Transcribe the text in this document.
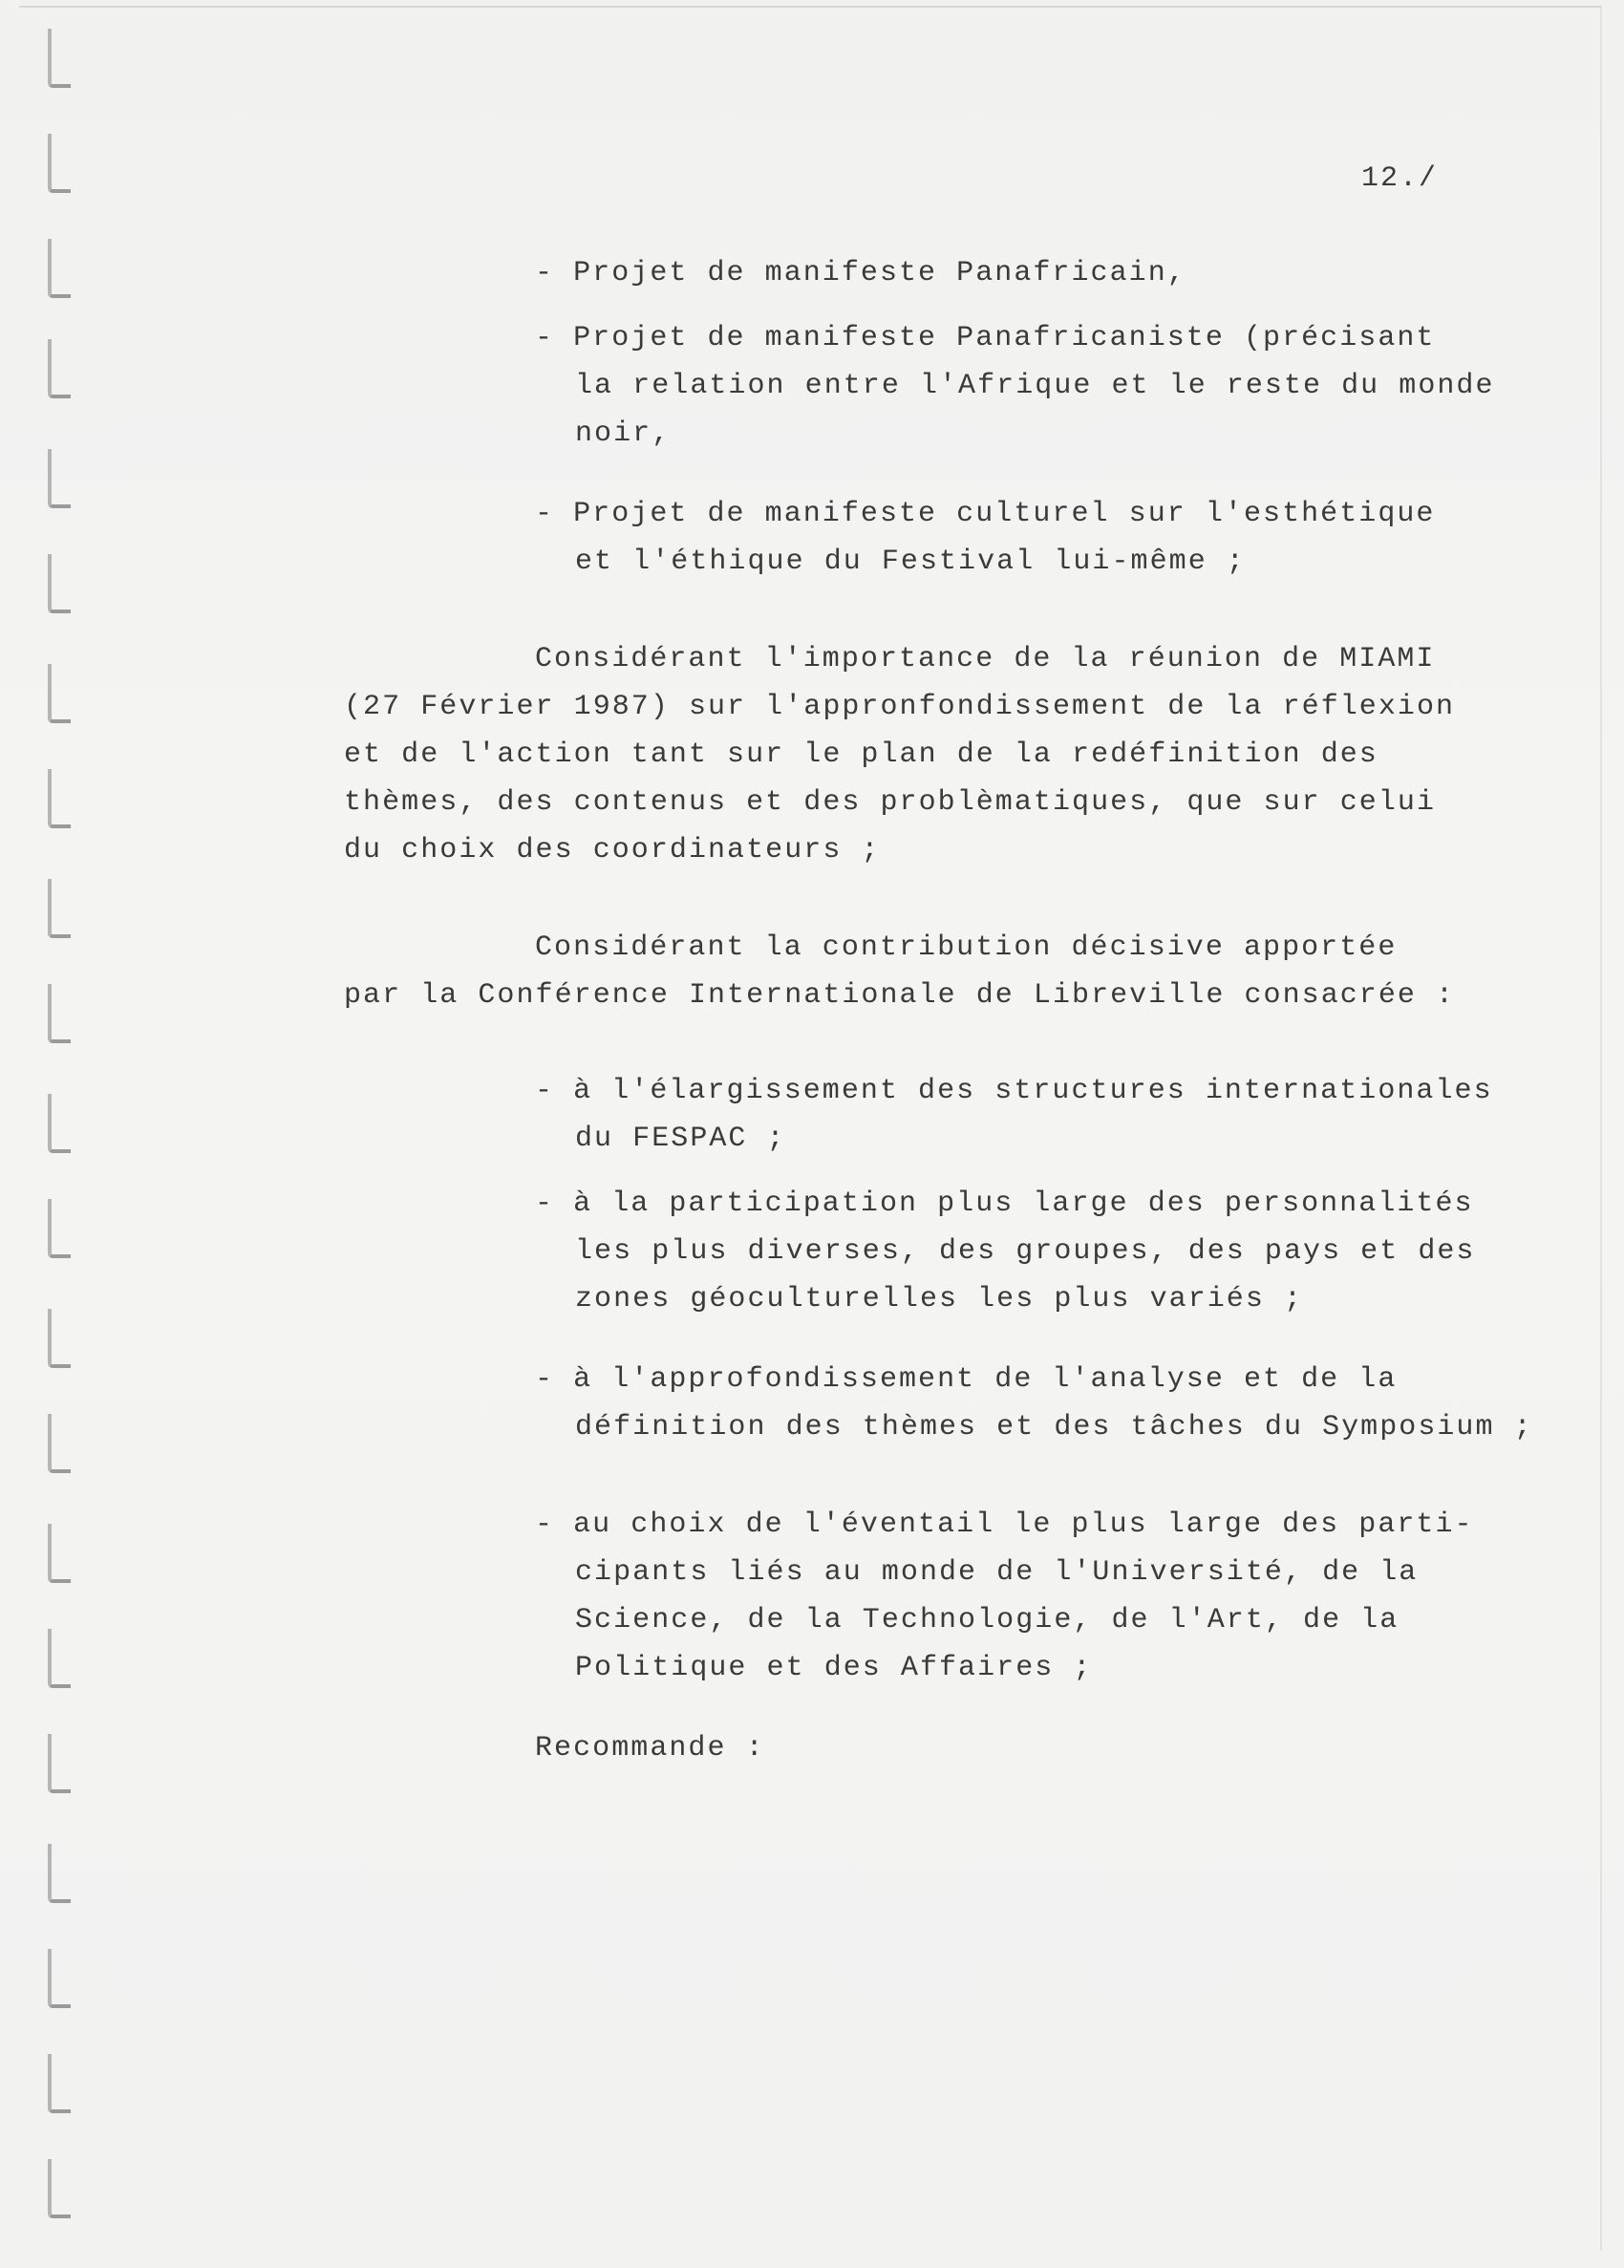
12./
- Projet de manifeste Panafricain,
- Projet de manifeste Panafricaniste (précisant
la relation entre l'Afrique et le reste du monde
noir,
- Projet de manifeste culturel sur l'esthétique
et l'éthique du Festival lui-même ;
Considérant l'importance de la réunion de MIAMI
(27 Février 1987) sur l'appronfondissement de la réflexion
et de l'action tant sur le plan de la redéfinition des
thèmes, des contenus et des problèmatiques, que sur celui
du choix des coordinateurs ;
Considérant la contribution décisive apportée
par la Conférence Internationale de Libreville consacrée :
- à l'élargissement des structures internationales
du FESPAC ;
- à la participation plus large des personnalités
les plus diverses, des groupes, des pays et des
zones géoculturelles les plus variés ;
- à l'approfondissement de l'analyse et de la
définition des thèmes et des tâches du Symposium ;
- au choix de l'éventail le plus large des parti-
cipants liés au monde de l'Université, de la
Science, de la Technologie, de l'Art, de la
Politique et des Affaires ;
Recommande :
